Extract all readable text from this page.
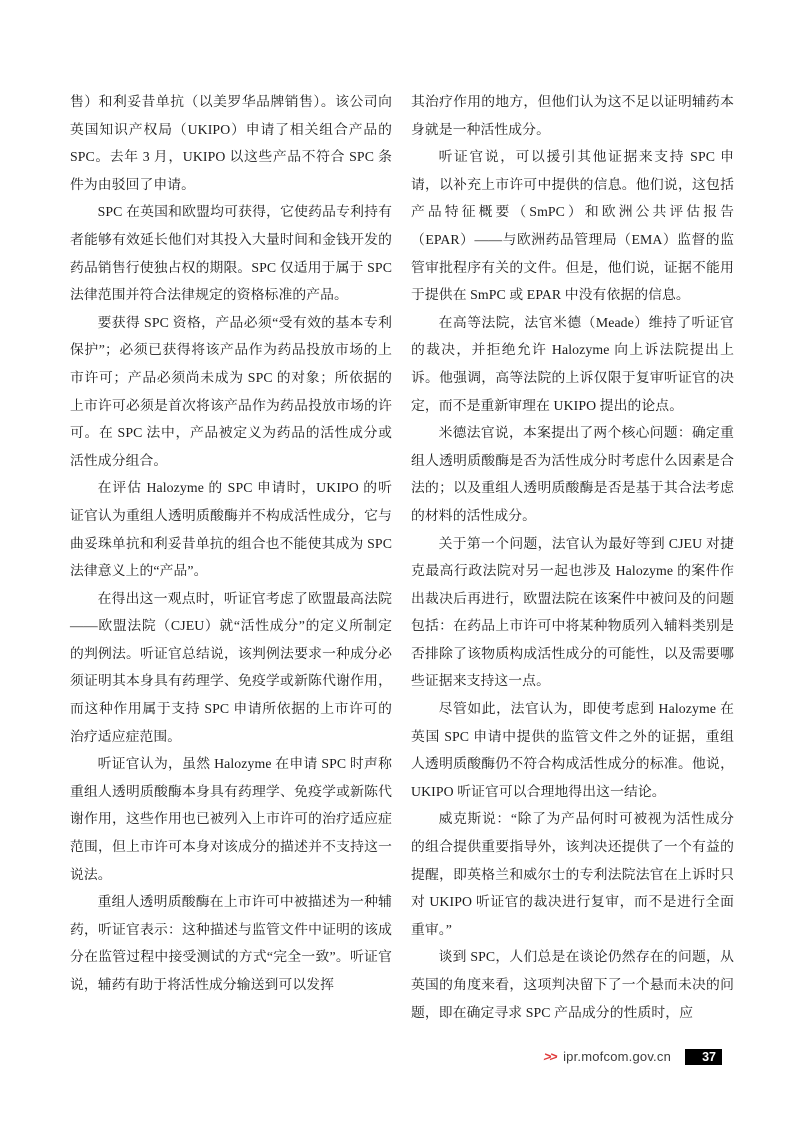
售）和利妥昔单抗（以美罗华品牌销售）。该公司向英国知识产权局（UKIPO）申请了相关组合产品的 SPC。去年 3 月，UKIPO 以这些产品不符合 SPC 条件为由驳回了申请。

SPC 在英国和欧盟均可获得，它使药品专利持有者能够有效延长他们对其投入大量时间和金钱开发的药品销售行使独占权的期限。SPC 仅适用于属于 SPC 法律范围并符合法律规定的资格标准的产品。

要获得 SPC 资格，产品必须“受有效的基本专利保护”；必须已获得将该产品作为药品投放市场的上市许可；产品必须尚未成为 SPC 的对象；所依据的上市许可必须是首次将该产品作为药品投放市场的许可。在 SPC 法中，产品被定义为药品的活性成分或活性成分组合。

在评估 Halozyme 的 SPC 申请时，UKIPO 的听证官认为重组人透明质酸酶并不构成活性成分，它与曲妥珠单抗和利妥昔单抗的组合也不能使其成为 SPC 法律意义上的“产品”。

在得出这一观点时，听证官考虑了欧盟最高法院——欧盟法院（CJEU）就“活性成分”的定义所制定的判例法。听证官总结说，该判例法要求一种成分必须证明其本身具有药理学、免疫学或新陈代谢作用，而这种作用属于支持 SPC 申请所依据的上市许可的治疗适应症范围。

听证官认为，虽然 Halozyme 在申请 SPC 时声称重组人透明质酸酶本身具有药理学、免疫学或新陈代谢作用，这些作用也已被列入上市许可的治疗适应症范围，但上市许可本身对该成分的描述并不支持这一说法。

重组人透明质酸酶在上市许可中被描述为一种辅药，听证官表示：这种描述与监管文件中证明的该成分在监管过程中接受测试的方式“完全一致”。听证官说，辅药有助于将活性成分输送到可以发挥

其治疗作用的地方，但他们认为这不足以证明辅药本身就是一种活性成分。

听证官说，可以援引其他证据来支持 SPC 申请，以补充上市许可中提供的信息。他们说，这包括产品特征概要（SmPC）和欧洲公共评估报告（EPAR）——与欧洲药品管理局（EMA）监督的监管审批程序有关的文件。但是，他们说，证据不能用于提供在 SmPC 或 EPAR 中没有依据的信息。

在高等法院，法官米德（Meade）维持了听证官的裁决，并拒绝允许 Halozyme 向上诉法院提出上诉。他强调，高等法院的上诉仅限于复审听证官的决定，而不是重新审理在 UKIPO 提出的论点。

米德法官说，本案提出了两个核心问题：确定重组人透明质酸酶是否为活性成分时考虑什么因素是合法的；以及重组人透明质酸酶是否是基于其合法考虑的材料的活性成分。

关于第一个问题，法官认为最好等到 CJEU 对捷克最高行政法院对另一起也涉及 Halozyme 的案件作出裁决后再进行，欧盟法院在该案件中被问及的问题包括：在药品上市许可中将某种物质列入辅料类别是否排除了该物质构成活性成分的可能性，以及需要哪些证据来支持这一点。

尽管如此，法官认为，即使考虑到 Halozyme 在英国 SPC 申请中提供的监管文件之外的证据，重组人透明质酸酶仍不符合构成活性成分的标准。他说，UKIPO 听证官可以合理地得出这一结论。

威克斯说：“除了为产品何时可被视为活性成分的组合提供重要指导外，该判决还提供了一个有益的提醒，即英格兰和威尔士的专利法院法官在上诉时只对 UKIPO 听证官的裁决进行复审，而不是进行全面重审。”

谈到 SPC，人们总是在谈论仍然存在的问题，从英国的角度来看，这项判决留下了一个悬而未决的问题，即在确定寻求 SPC 产品成分的性质时，应

>> ipr.mofcom.gov.cn	37
